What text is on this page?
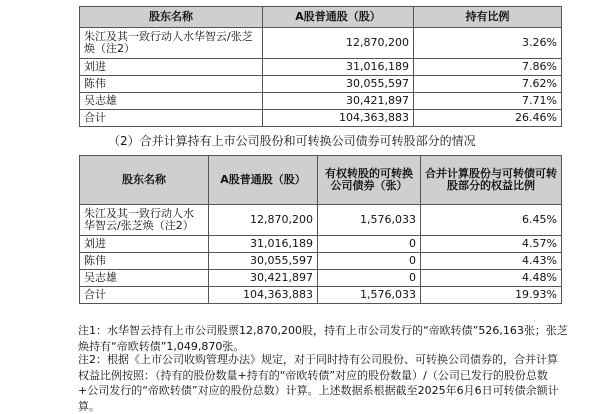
股东名称	A股普通股（股）	持有比例
朱江及其一致行动人水华智云/张芝焕（注2）	12,870,200	3.26%
刘进	31,016,189	7.86%
陈伟	30,055,597	7.62%
吴志雄	30,421,897	7.71%
合计	104,363,883	26.46%
（2）合并计算持有上市公司股份和可转换公司债券可转股部分的情况
股东名称	A股普通股（股）	有权转股的可转换公司债券（张）	合并计算股份与可转债可转股部分的权益比例
朱江及其一致行动人水华智云/张芝焕（注2）	12,870,200	1,576,033	6.45%
刘进	31,016,189	0	4.57%
陈伟	30,055,597	0	4.43%
吴志雄	30,421,897	0	4.48%
合计	104,363,883	1,576,033	19.93%
注1：水华智云持有上市公司股票12,870,200股，持有上市公司发行的“帝欧转债”526,163张；张芝焕持有“帝欧转债”1,049,870张。
注2：根据《上市公司收购管理办法》规定，对于同时持有公司股份、可转换公司债券的，合并计算权益比例按照：（持有的股份数量+持有的“帝欧转债”对应的股份数量）/（公司已发行的股份总数+公司发行的“帝欧转债”对应的股份总数）计算。上述数据系根据截至2025年6月6日可转债余额计算。
